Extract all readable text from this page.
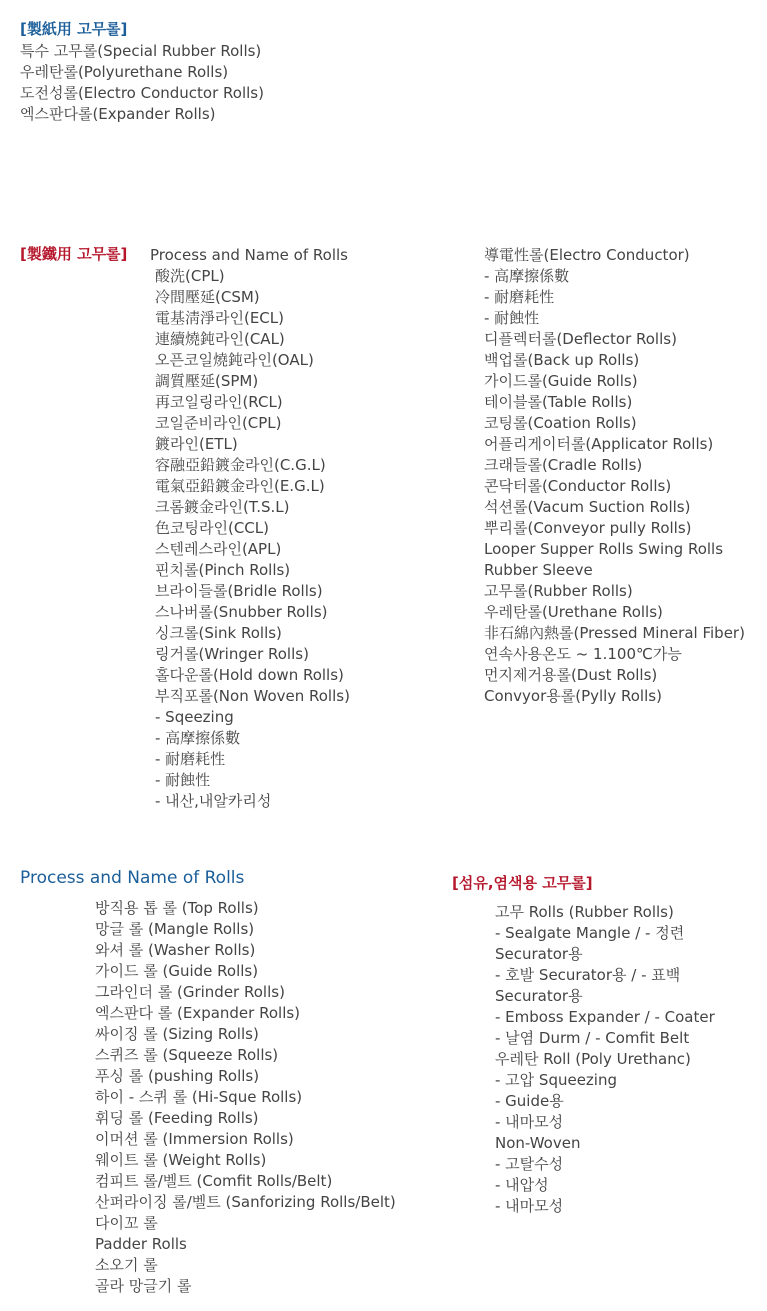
[製紙用 고무롤]
특수 고무롤(Special Rubber Rolls)
우레탄롤(Polyurethane Rolls)
도전성롤(Electro Conductor Rolls)
엑스판다롤(Expander Rolls)
[製鐵用 고무롤] Process and Name of Rolls
酸洗(CPL)
冷間壓延(CSM)
電基淸淨라인(ECL)
連續燒鈍라인(CAL)
오픈코일燒鈍라인(OAL)
調質壓延(SPM)
再코일링라인(RCL)
코일준비라인(CPL)
鍍라인(ETL)
容融亞鉛鍍金라인(C.G.L)
電氣亞鉛鍍金라인(E.G.L)
크롬鍍金라인(T.S.L)
色코팅라인(CCL)
스텐레스라인(APL)
핀치롤(Pinch Rolls)
브라이들롤(Bridle Rolls)
스나버롤(Snubber Rolls)
싱크롤(Sink Rolls)
링거롤(Wringer Rolls)
홀다운롤(Hold down Rolls)
부직포롤(Non Woven Rolls)
- Sqeezing
- 高摩擦係數
- 耐磨耗性
- 耐蝕性
- 내산,내알카리성
導電性롤(Electro Conductor)
- 高摩擦係數
- 耐磨耗性
- 耐蝕性
디플렉터롤(Deflector Rolls)
백업롤(Back up Rolls)
가이드롤(Guide Rolls)
테이블롤(Table Rolls)
코팅롤(Coation Rolls)
어플리게이터롤(Applicator Rolls)
크래들롤(Cradle Rolls)
콘닥터롤(Conductor Rolls)
석션롤(Vacum Suction Rolls)
뿌리롤(Conveyor pully Rolls)
Looper Supper Rolls Swing Rolls
Rubber Sleeve
고무롤(Rubber Rolls)
우레탄롤(Urethane Rolls)
非石綿內熱롤(Pressed Mineral Fiber)
연속사용온도 ~ 1.100℃가능
먼지제거용롤(Dust Rolls)
Convyor용롤(Pylly Rolls)
Process and Name of Rolls
방직용 톱 롤 (Top Rolls)
망글 롤 (Mangle Rolls)
와셔 롤 (Washer Rolls)
가이드 롤 (Guide Rolls)
그라인더 롤 (Grinder Rolls)
엑스판다 롤 (Expander Rolls)
싸이징 롤 (Sizing Rolls)
스퀴즈 롤 (Squeeze Rolls)
푸싱 롤 (pushing Rolls)
하이 - 스퀴 롤 (Hi-Sque Rolls)
휘딩 롤 (Feeding Rolls)
이머션 롤 (Immersion Rolls)
웨이트 롤 (Weight Rolls)
컴피트 롤/벨트 (Comfit Rolls/Belt)
산퍼라이징 롤/벨트 (Sanforizing Rolls/Belt)
다이꼬 롤
Padder Rolls
소오기 롤
골라 망글기 롤
[섬유,염색용 고무롤]
고무 Rolls (Rubber Rolls)
- Sealgate Mangle / - 정련
Securator용
- 호발 Securator용 / - 표백
Securator용
- Emboss Expander / - Coater
- 날염 Durm / - Comfit Belt
우레탄 Roll (Poly Urethanc)
- 고압 Squeezing
- Guide용
- 내마모성
Non-Woven
- 고탈수성
- 내압성
- 내마모성
